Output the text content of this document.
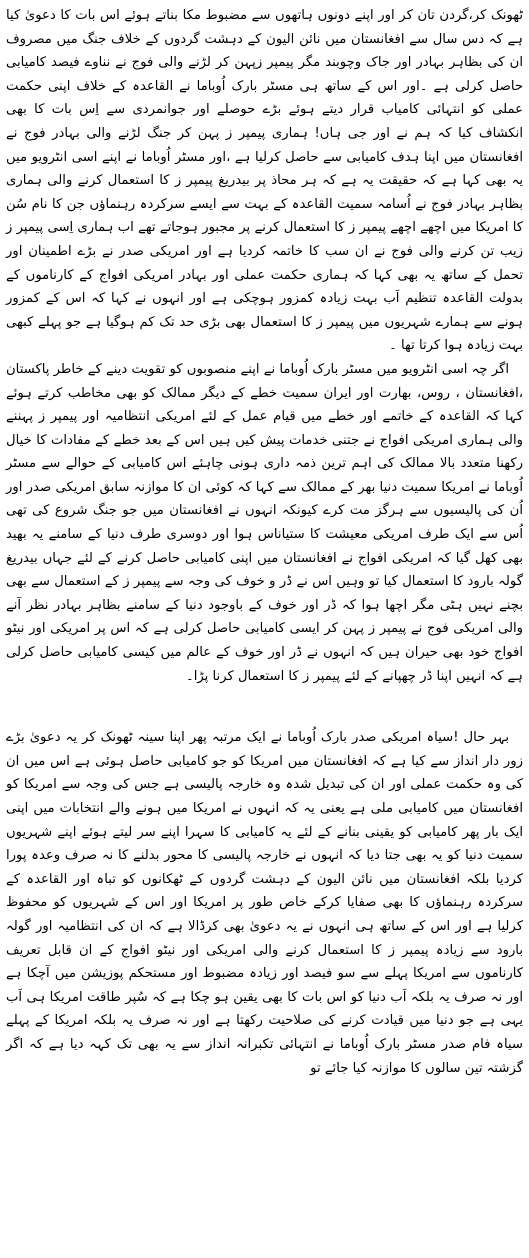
ٹھونک کر،گردن تان کر اور اپنے دونوں ہاتھوں سے مضبوط مکا بناتے ہوئے اس بات کا دعویٰ کیا ہے کہ دس سال سے افغانستان میں نائن الیون کے دہشت گردوں کے خلاف جنگ میں مصروف ان کی بظاہر بہادر اور جاک وچوبند مگر پیمپر زپہن کر لڑنے والی فوج نے نناوے فیصد کامیابی حاصل کرلی ہے ۔اور اس کے ساتھ ہی مسٹر بارک اُوباما نے القاعدہ کے خلاف اپنی حکمت عملی کو انتہائی کامیاب قرار دیتے ہوئے بڑے حوصلے اور جوانمردی سے اِس بات کا بھی انکشاف کیا کہ ہم نے اور جی ہاں! ہماری پیمپر ز پہن کر جنگ لڑنے والی بہادر فوج نے افغانستان میں اپنا ہدف کامیابی سے حاصل کرلیا ہے ،اور مسٹر اُوباما نے اپنے اسی انٹرویو میں یہ بھی کہا ہے کہ حقیقت یہ ہے کہ ہر محاذ پر بیدریغ پیمپر ز کا استعمال کرنے والی ہماری بظاہر بہادر فوج نے اُسامہ سمیت القاعدہ کے بہت سے ایسے سرکردہ رہنماؤں جن کا نام سُن کا امریکا میں اچھے اچھے پیمپر ز کا استعمال کرنے پر مجبور ہوجاتے تھے اب ہماری اِسی پیمپر ز زیب تن کرنے والی فوج نے ان سب کا خاتمہ کردیا ہے اور امریکی صدر نے بڑے اطمینان اور تحمل کے ساتھ یہ بھی کہا کہ ہماری حکمت عملی اور بہادر امریکی افواج کے کارناموں کے بدولت القاعدہ تنظیم اَب بہت زیادہ کمزور ہوچکی ہے اور انہوں نے کہا کہ اس کے کمزور ہونے سے ہمارے شہریوں میں پیمپر ز کا استعمال بھی بڑی حد تک کم ہوگیا ہے جو پہلے کبھی بہت زیادہ ہوا کرتا تھا ۔

اگر چہ اسی انٹرویو میں مسٹر بارک اُوباما نے اپنے منصوبوں کو تقویت دینے کے خاطر پاکستان ،افغانستان ، روس، بھارت اور ایران سمیت خطے کے دیگر ممالک کو بھی مخاطب کرتے ہوئے کہا کہ القاعدہ کے خاتمے اور خطے میں قیام عمل کے لئے امریکی انتظامیہ اور پیمپر ز پہننے والی ہماری امریکی افواج نے جتنی خدمات پیش کیں ہیں اس کے بعد خطے کے مفادات کا خیال رکھنا متعدد بالا ممالک کی اہم ترین ذمہ داری ہونی چاہئے اس کامیابی کے حوالے سے مسٹر اُوباما نے امریکا سمیت دنیا بھر کے ممالک سے کہا کہ کوئی ان کا موازنہ سابق امریکی صدر اور اُن کی پالیسیوں سے ہرگز مت کرے کیونکہ انہوں نے افغانستان میں جو جنگ شروع کی تھی اُس سے ایک طرف امریکی معیشت کا ستیاناس ہوا اور دوسری طرف دنیا کے سامنے یہ بھید بھی کھل گیا کہ امریکی افواج نے افغانستان میں اپنی کامیابی حاصل کرنے کے لئے جہاں بیدریغ گولہ بارود کا استعمال کیا تو وہیں اس نے ڈر و خوف کی وجہ سے پیمپر ز کے استعمال سے بھی بچنے نہیں ہٹی مگر اچھا ہوا کہ ڈر اور خوف کے باوجود دنیا کے سامنے بظاہر بہادر نظر آنے والی امریکی فوج نے پیمپر ز پہن کر ایسی کامیابی حاصل کرلی ہے کہ اس پر امریکی اور نیٹو افواج خود بھی حیران ہیں کہ انہوں نے ڈر اور خوف کے عالم میں کیسی کامیابی حاصل کرلی ہے کہ انہیں اپنا ڈر چھپانے کے لئے پیمپر ز کا استعمال کرنا پڑا۔

بہر حال !سیاہ امریکی صدر بارک اُوباما نے ایک مرتبہ پھر اپنا سینہ ٹھونک کر یہ دعویٰ بڑے زور دار انداز سے کیا ہے کہ افغانستان میں امریکا کو جو کامیابی حاصل ہوئی ہے اس میں ان کی وہ حکمت عملی اور ان کی تبدیل شدہ وہ خارجہ پالیسی ہے جس کی وجہ سے امریکا کو افغانستان میں کامیابی ملی ہے یعنی یہ کہ انہوں نے امریکا میں ہونے والے انتخابات میں اپنی ایک بار پھر کامیابی کو یقینی بنانے کے لئے یہ کامیابی کا سہرا اپنے سر لیتے ہوئے اپنے شہریوں سمیت دنیا کو یہ بھی جتا دیا کہ انہوں نے خارجہ پالیسی کا محور بدلنے کا نہ صرف وعدہ پورا کردیا بلکہ افغانستان میں نائن الیون کے دہشت گردوں کے ٹھکانوں کو تباہ اور القاعدہ کے سرکردہ رہنماؤں کا بھی صفایا کرکے خاص طور پر امریکا اور اس کے شہریوں کو محفوظ کرلیا ہے اور اس کے ساتھ ہی انہوں نے یہ دعویٰ بھی کرڈالا ہے کہ ان کی انتظامیہ اور گولہ بارود سے زیادہ پیمپر ز کا استعمال کرنے والی امریکی اور نیٹو افواج کے ان قابل تعریف کارناموں سے امریکا پہلے سے سو فیصد اور زیادہ مضبوط اور مستحکم پوزیشن میں آچکا ہے اور نہ صرف یہ بلکہ اَب دنیا کو اس بات کا بھی یقین ہو چکا ہے کہ سُپر طاقت امریکا ہی اَب یہی ہے جو دنیا میں قیادت کرنے کی صلاحیت رکھتا ہے اور نہ صرف یہ بلکہ امریکا کے پہلے سیاہ فام صدر مسٹر بارک اُوباما نے انتہائی تکبرانہ انداز سے یہ بھی تک کہہ دیا ہے کہ اگر گزشتہ تین سالوں کا موازنہ کیا جائے تو
